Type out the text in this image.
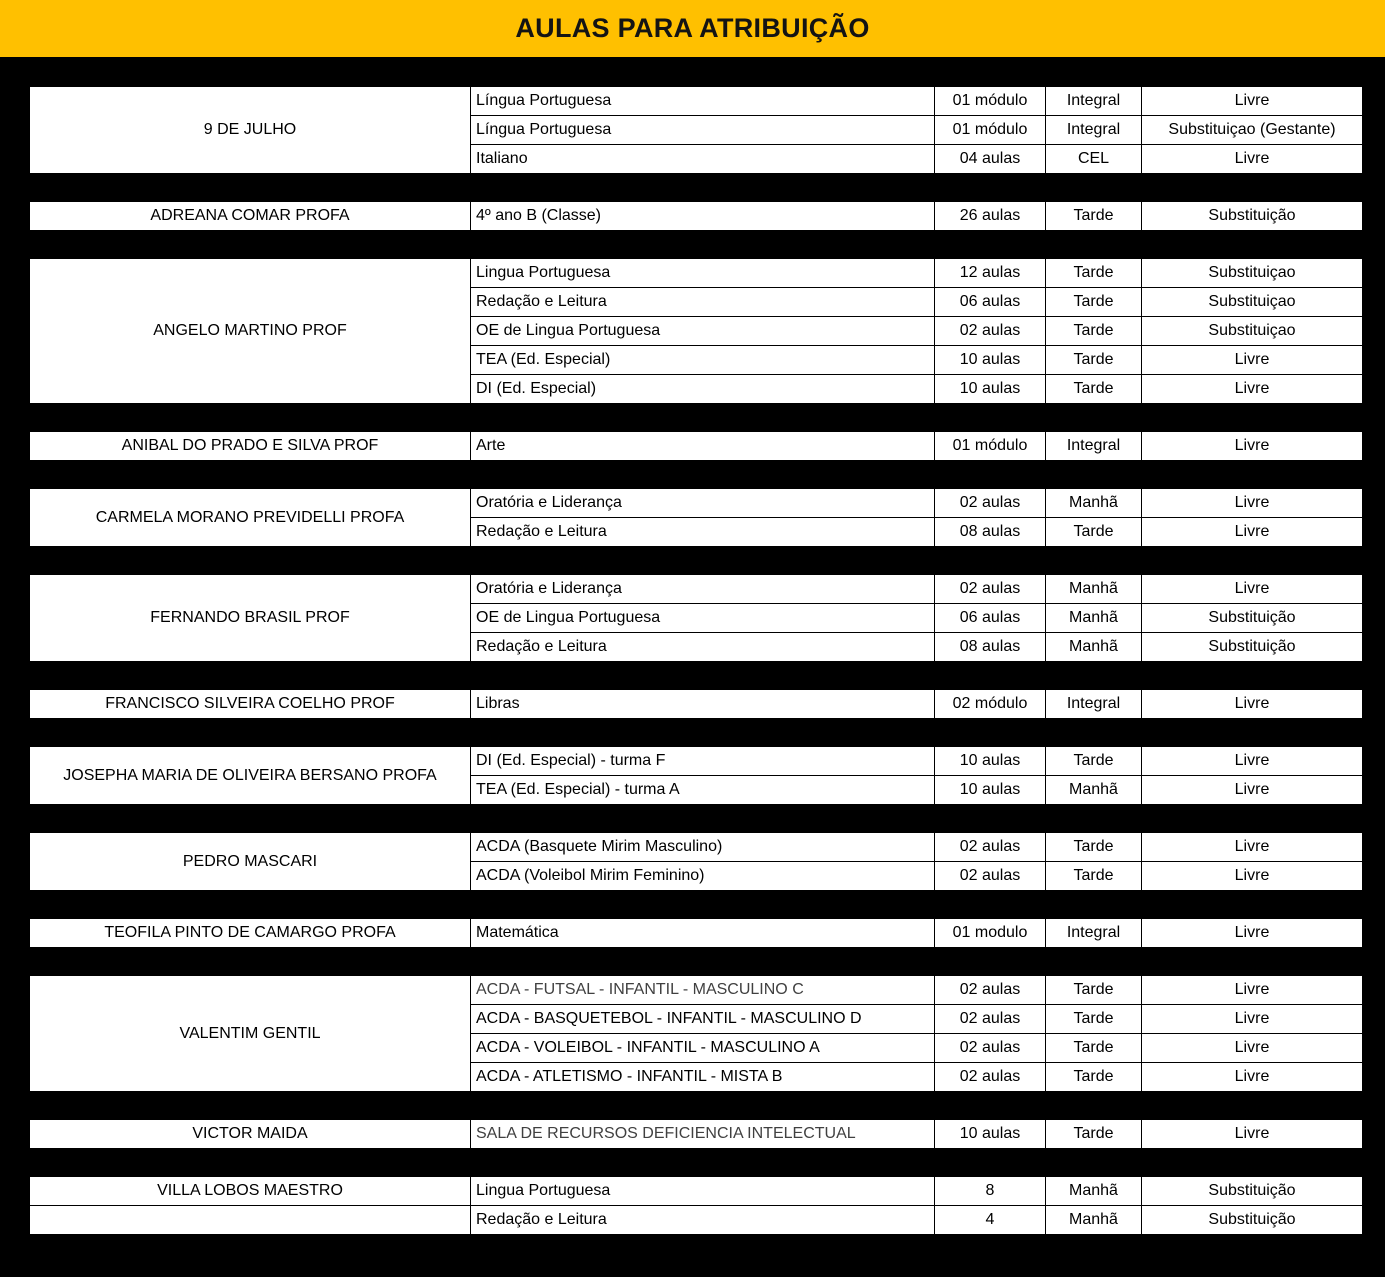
AULAS PARA ATRIBUIÇÃO
9 DE JULHO
Língua Portuguesa	01 módulo	Integral	Livre
Língua Portuguesa	01 módulo	Integral	Substituiçao (Gestante)
Italiano	04 aulas	CEL	Livre
ADREANA COMAR PROFA	4º ano B (Classe)	26 aulas	Tarde	Substituição
ANGELO MARTINO PROF
Lingua Portuguesa	12 aulas	Tarde	Substituiçao
Redação e Leitura	06 aulas	Tarde	Substituiçao
OE de Lingua Portuguesa	02 aulas	Tarde	Substituiçao
TEA (Ed. Especial)	10 aulas	Tarde	Livre
DI (Ed. Especial)	10 aulas	Tarde	Livre
ANIBAL DO PRADO E SILVA PROF	Arte	01 módulo	Integral	Livre
CARMELA MORANO PREVIDELLI PROFA
Oratória e Liderança	02 aulas	Manhã	Livre
Redação e Leitura	08 aulas	Tarde	Livre
FERNANDO BRASIL PROF
Oratória e Liderança	02 aulas	Manhã	Livre
OE de Lingua Portuguesa	06 aulas	Manhã	Substituição
Redação e Leitura	08 aulas	Manhã	Substituição
FRANCISCO SILVEIRA COELHO PROF	Libras	02 módulo	Integral	Livre
JOSEPHA MARIA DE OLIVEIRA BERSANO PROFA
DI (Ed. Especial) - turma F	10 aulas	Tarde	Livre
TEA (Ed. Especial) - turma A	10 aulas	Manhã	Livre
PEDRO MASCARI
ACDA (Basquete Mirim Masculino)	02 aulas	Tarde	Livre
ACDA (Voleibol Mirim Feminino)	02 aulas	Tarde	Livre
TEOFILA PINTO DE CAMARGO PROFA	Matemática	01 modulo	Integral	Livre
VALENTIM GENTIL
ACDA - FUTSAL - INFANTIL - MASCULINO C	02 aulas	Tarde	Livre
ACDA - BASQUETEBOL - INFANTIL - MASCULINO D	02 aulas	Tarde	Livre
ACDA - VOLEIBOL - INFANTIL - MASCULINO A	02 aulas	Tarde	Livre
ACDA - ATLETISMO - INFANTIL - MISTA B	02 aulas	Tarde	Livre
VICTOR MAIDA	SALA DE RECURSOS DEFICIENCIA INTELECTUAL	10 aulas	Tarde	Livre
VILLA LOBOS MAESTRO	Lingua Portuguesa	8	Manhã	Substituição
Redação e Leitura	4	Manhã	Substituição
